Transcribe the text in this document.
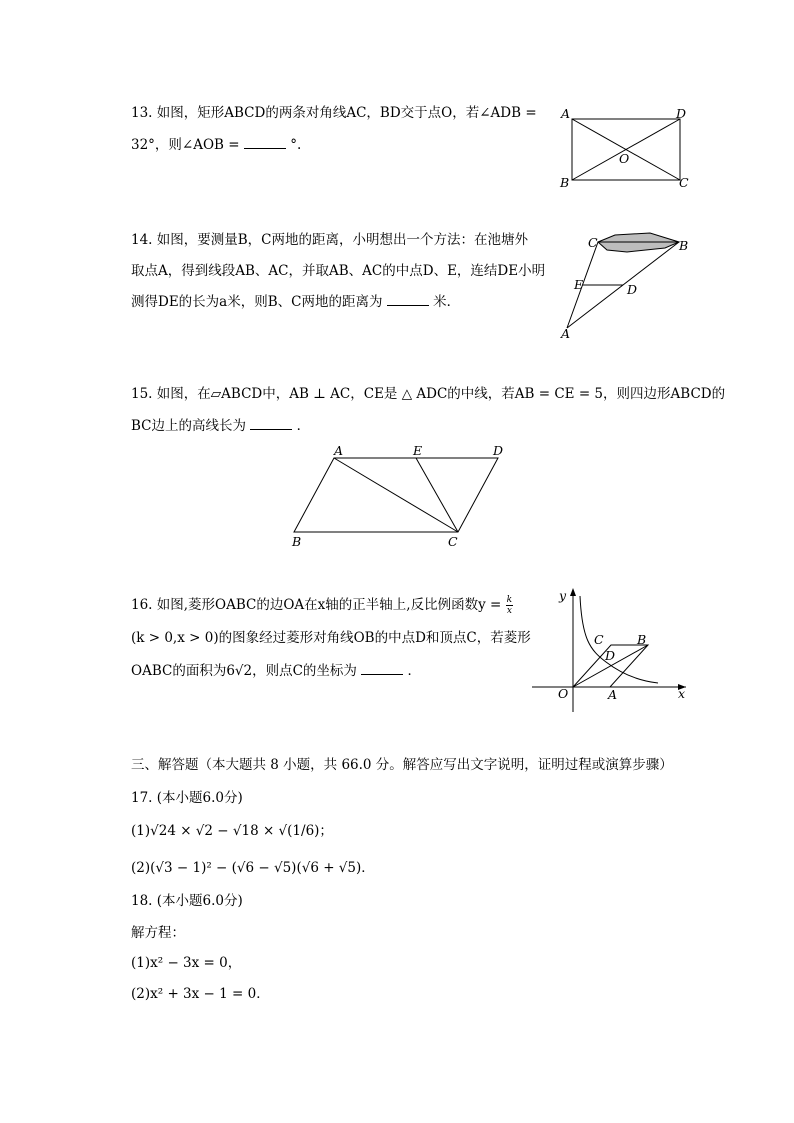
13. 如图，矩形ABCD的两条对角线AC，BD交于点O，若∠ADB =
32°，则∠AOB =	°.
A	D
B	C
O
14. 如图，要测量B，C两地的距离，小明想出一个方法：在池塘外
取点A，得到线段AB、AC，并取AB、AC的中点D、E，连结DE小明
测得DE的长为a米，则B、C两地的距离为	米．
C	B
E	D
A
15. 如图，在▱ABCD中，AB ⊥ AC，CE是 △ ADC的中线，若AB = CE = 5，则四边形ABCD的
BC边上的高线长为	．
A	E	D
B	C
16. 如图,菱形OABC的边OA在x轴的正半轴上,反比例函数$y = \frac{k}{x}$
(k > 0,x > 0)的图象经过菱形对角线OB的中点D和顶点C，若菱形
OABC的面积为6√2，则点C的坐标为	．
y
x
O	A
C	B
D
三、解答题（本大题共 8 小题，共 66.0 分。解答应写出文字说明，证明过程或演算步骤）
17. (本小题6.0分)
(1)√24 × √2 − √18 × √(1/6)；
(2)(√3 − 1)² − (√6 − √5)(√6 + √5)．
18. (本小题6.0分)
解方程：
(1)x² − 3x = 0，
(2)x² + 3x − 1 = 0．
